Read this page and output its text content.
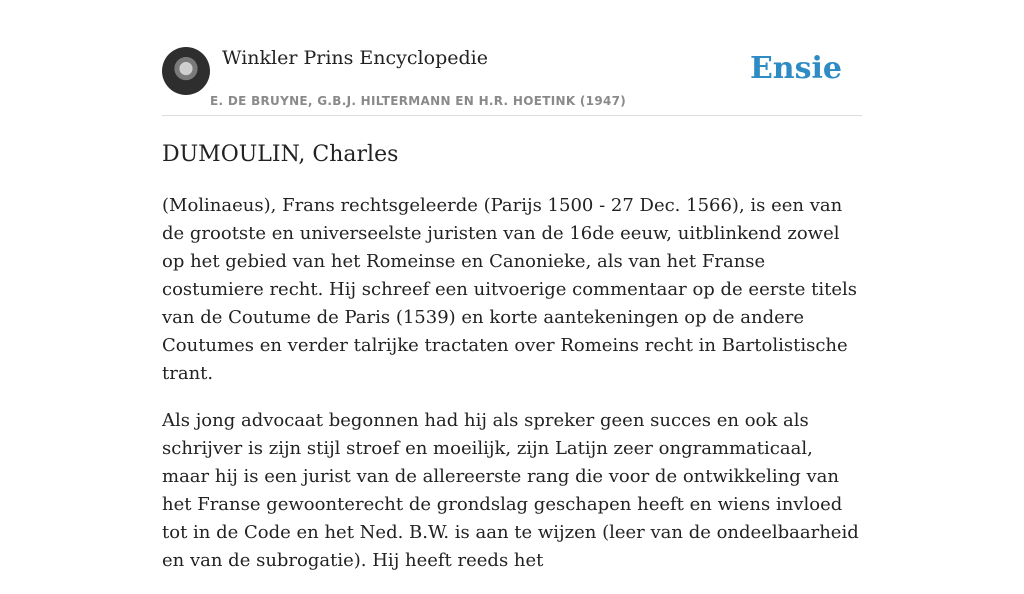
Winkler Prins Encyclopedie
E. DE BRUYNE, G.B.J. HILTERMANN EN H.R. HOETINK (1947)
Ensie
DUMOULIN, Charles

(Molinaeus), Frans rechtsgeleerde (Parijs 1500 - 27 Dec. 1566), is een van de grootste en universeelste juristen van de 16de eeuw, uitblinkend zowel op het gebied van het Romeinse en Canonieke, als van het Franse costumiere recht. Hij schreef een uitvoerige commentaar op de eerste titels van de Coutume de Paris (1539) en korte aantekeningen op de andere Coutumes en verder talrijke tractaten over Romeins recht in Bartolistische trant.

Als jong advocaat begonnen had hij als spreker geen succes en ook als schrijver is zijn stijl stroef en moeilijk, zijn Latijn zeer ongrammaticaal, maar hij is een jurist van de allereerste rang die voor de ontwikkeling van het Franse gewoonterecht de grondslag geschapen heeft en wiens invloed tot in de Code en het Ned. B.W. is aan te wijzen (leer van de ondeelbaarheid en van de subrogatie). Hij heeft reeds het
